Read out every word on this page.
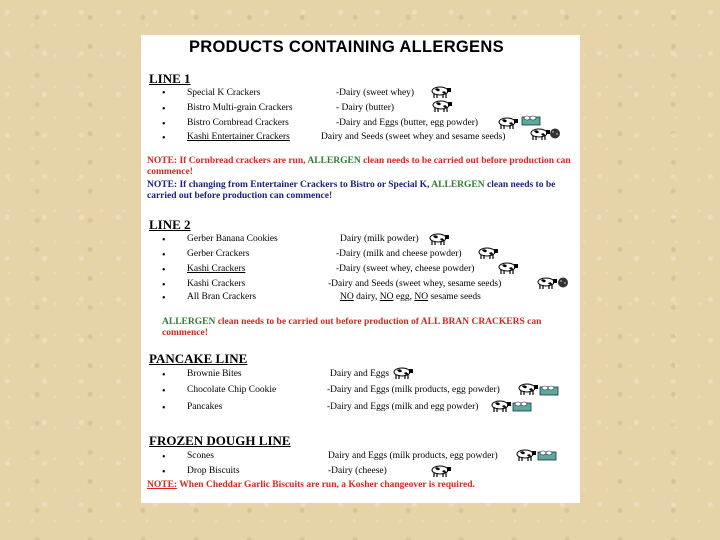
PRODUCTS CONTAINING ALLERGENS
LINE 1
• Special K Crackers	-Dairy (sweet whey)
• Bistro Multi-grain Crackers	- Dairy (butter)
• Bistro Cornbread Crackers	-Dairy and Eggs (butter, egg powder)
• Kashi Entertainer Crackers	Dairy and Seeds (sweet whey and sesame seeds)
NOTE: If Cornbread crackers are run, ALLERGEN clean needs to be carried out before production can commence!
NOTE: If changing from Entertainer Crackers to Bistro or Special K, ALLERGEN clean needs to be carried out before production can commence!
LINE 2
• Gerber Banana Cookies	Dairy (milk powder)
• Gerber Crackers	-Dairy (milk and cheese powder)
• Kashi Crackers	-Dairy (sweet whey, cheese powder)
• Kashi Crackers	-Dairy and Seeds (sweet whey, sesame seeds)
• All Bran Crackers	NO dairy, NO egg, NO sesame seeds
ALLERGEN clean needs to be carried out before production of ALL BRAN CRACKERS can commence!
PANCAKE LINE
• Brownie Bites	Dairy and Eggs
• Chocolate Chip Cookie	-Dairy and Eggs (milk products, egg powder)
• Pancakes	-Dairy and Eggs (milk and egg powder)
FROZEN DOUGH LINE
• Scones	Dairy and Eggs (milk products, egg powder)
• Drop Biscuits	-Dairy (cheese)
NOTE: When Cheddar Garlic Biscuits are run, a Kosher changeover is required.
